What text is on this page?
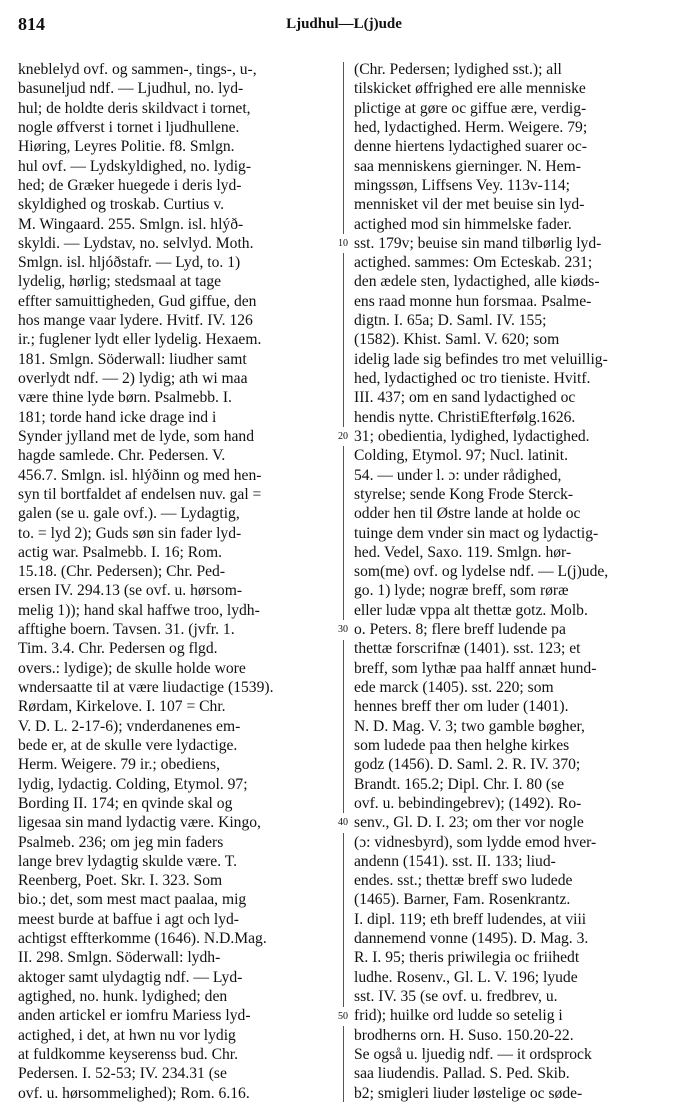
814	Ljudhul—L(j)ude
kneblelyd ovf. og sammen-, tings-, u-,
basuneljud ndf. — Ljudhul, no. lyd-
hul; de holdte deris skildvact i tornet,
nogle øffverst i tornet i ljudhullene.
Hiøring, Leyres Politie. f8. Smlgn.
hul ovf. — Lydskyldighed, no. lydig-
hed; de Græker huegede i deris lyd-
skyldighed og troskab. Curtius v.
M. Wingaard. 255. Smlgn. isl. hlýð-
skyldi. — Lydstav, no. selvlyd. Moth.
Smlgn. isl. hljóðstafr. — Lyd, to. 1)
lydelig, hørlig; stedsmaal at tage
effter samuittigheden, Gud giffue, den
hos mange vaar lydere. Hvitf. IV. 126
ir.; fuglener lydt eller lydelig. Hexaem.
181. Smlgn. Söderwall: liudher samt
overlydt ndf. — 2) lydig; ath wi maa
være thine lyde børn. Psalmebb. I.
181; torde hand icke drage ind i
Synder jylland met de lyde, som hand
hagde samlede. Chr. Pedersen. V.
456.7. Smlgn. isl. hlýðinn og med hen-
syn til bortfaldet af endelsen nuv. gal =
galen (se u. gale ovf.). — Lydagtig,
to. = lyd 2); Guds søn sin fader lyd-
actig war. Psalmebb. I. 16; Rom.
15.18. (Chr. Pedersen); Chr. Ped-
ersen IV. 294.13 (se ovf. u. hørsom-
melig 1)); hand skal haffwe troo, lydh-
afftighe boern. Tavsen. 31. (jvfr. 1.
Tim. 3.4. Chr. Pedersen og flgd.
overs.: lydige); de skulle holde wore
wndersaatte til at være liudactige (1539).
Rørdam, Kirkelove. I. 107 = Chr.
V. D. L. 2-17-6); vnderdanenes em-
bede er, at de skulle vere lydactige.
Herm. Weigere. 79 ir.; obediens,
lydig, lydactig. Colding, Etymol. 97;
Bording II. 174; en qvinde skal og
ligesaa sin mand lydactig være. Kingo,
Psalmeb. 236; om jeg min faders
lange brev lydagtig skulde være. T.
Reenberg, Poet. Skr. I. 323. Som
bio.; det, som mest mact paalaa, mig
meest burde at baffue i agt och lyd-
achtigst effterkomme (1646). N.D.Mag.
II. 298. Smlgn. Söderwall: lydh-
aktoger samt ulydagtig ndf. — Lyd-
agtighed, no. hunk. lydighed; den
anden artickel er iomfru Mariess lyd-
actighed, i det, at hwn nu vor lydig
at fuldkomme keyserenss bud. Chr.
Pedersen. I. 52-53; IV. 234.31 (se
ovf. u. hørsommelighed); Rom. 6.16.
10
20
30
40
50
(Chr. Pedersen; lydighed sst.); all
tilskicket øffrighed ere alle menniske
plictige at gøre oc giffue ære, verdig-
hed, lydactighed. Herm. Weigere. 79;
denne hiertens lydactighed suarer oc-
saa menniskens gierninger. N. Hem-
mingssøn, Liffsens Vey. 113v-114;
mennisket vil der met beuise sin lyd-
actighed mod sin himmelske fader.
sst. 179v; beuise sin mand tilbørlig lyd-
actighed. sammes: Om Ecteskab. 231;
den ædele sten, lydactighed, alle kiøds-
ens raad monne hun forsmaa. Psalme-
digtn. I. 65a; D. Saml. IV. 155;
(1582). Khist. Saml. V. 620; som
idelig lade sig befindes tro met veluillig-
hed, lydactighed oc tro tieniste. Hvitf.
III. 437; om en sand lydactighed oc
hendis nytte. ChristiEfterfølg.1626.
31; obedientia, lydighed, lydactighed.
Colding, Etymol. 97; Nucl. latinit.
54. — under l. ɔ: under rådighed,
styrelse; sende Kong Frode Sterck-
odder hen til Østre lande at holde oc
tuinge dem vnder sin mact og lydactig-
hed. Vedel, Saxo. 119. Smlgn. hør-
som(me) ovf. og lydelse ndf. — L(j)ude,
go. 1) lyde; nogræ breff, som røræ
eller ludæ vppa alt thettæ gotz. Molb.
o. Peters. 8; flere breff ludende pa
thettæ forscrifnæ (1401). sst. 123; et
breff, som lythæ paa halff annæt hund-
ede marck (1405). sst. 220; som
hennes breff ther om luder (1401).
N. D. Mag. V. 3; two gamble bøgher,
som ludede paa then helghe kirkes
godz (1456). D. Saml. 2. R. IV. 370;
Brandt. 165.2; Dipl. Chr. I. 80 (se
ovf. u. bebindingebrev); (1492). Ro-
senv., Gl. D. I. 23; om ther vor nogle
(ɔ: vidnesbyrd), som lydde emod hver-
andenn (1541). sst. II. 133; liud-
endes. sst.; thettæ breff swo ludede
(1465). Barner, Fam. Rosenkrantz.
I. dipl. 119; eth breff ludendes, at viii
dannemend vonne (1495). D. Mag. 3.
R. I. 95; theris priwilegia oc friihedt
ludhe. Rosenv., Gl. L. V. 196; lyude
sst. IV. 35 (se ovf. u. fredbrev, u.
frid); huilke ord ludde so setelig i
brodherns orn. H. Suso. 150.20-22.
Se også u. ljuedig ndf. — it ordsprock
saa liudendis. Pallad. S. Ped. Skib.
b2; smigleri liuder løstelige oc søde-
